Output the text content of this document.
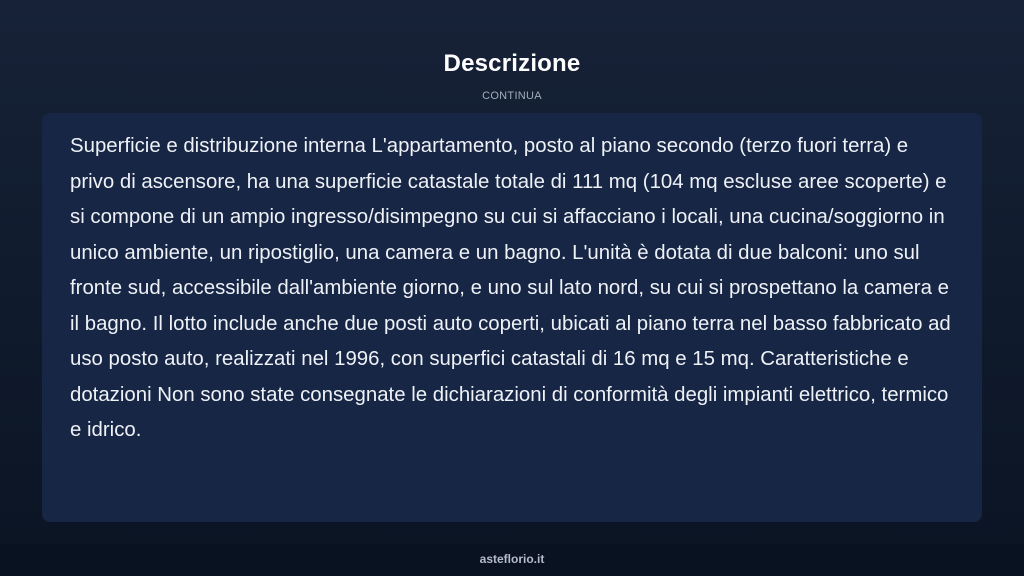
Descrizione
CONTINUA

Superficie e distribuzione interna L'appartamento, posto al piano secondo (terzo fuori terra) e privo di ascensore, ha una superficie catastale totale di 111 mq (104 mq escluse aree scoperte) e si compone di un ampio ingresso/disimpegno su cui si affacciano i locali, una cucina/soggiorno in unico ambiente, un ripostiglio, una camera e un bagno. L'unità è dotata di due balconi: uno sul fronte sud, accessibile dall'ambiente giorno, e uno sul lato nord, su cui si prospettano la camera e il bagno. Il lotto include anche due posti auto coperti, ubicati al piano terra nel basso fabbricato ad uso posto auto, realizzati nel 1996, con superfici catastali di 16 mq e 15 mq. Caratteristiche e dotazioni Non sono state consegnate le dichiarazioni di conformità degli impianti elettrico, termico e idrico.

asteflorio.it
